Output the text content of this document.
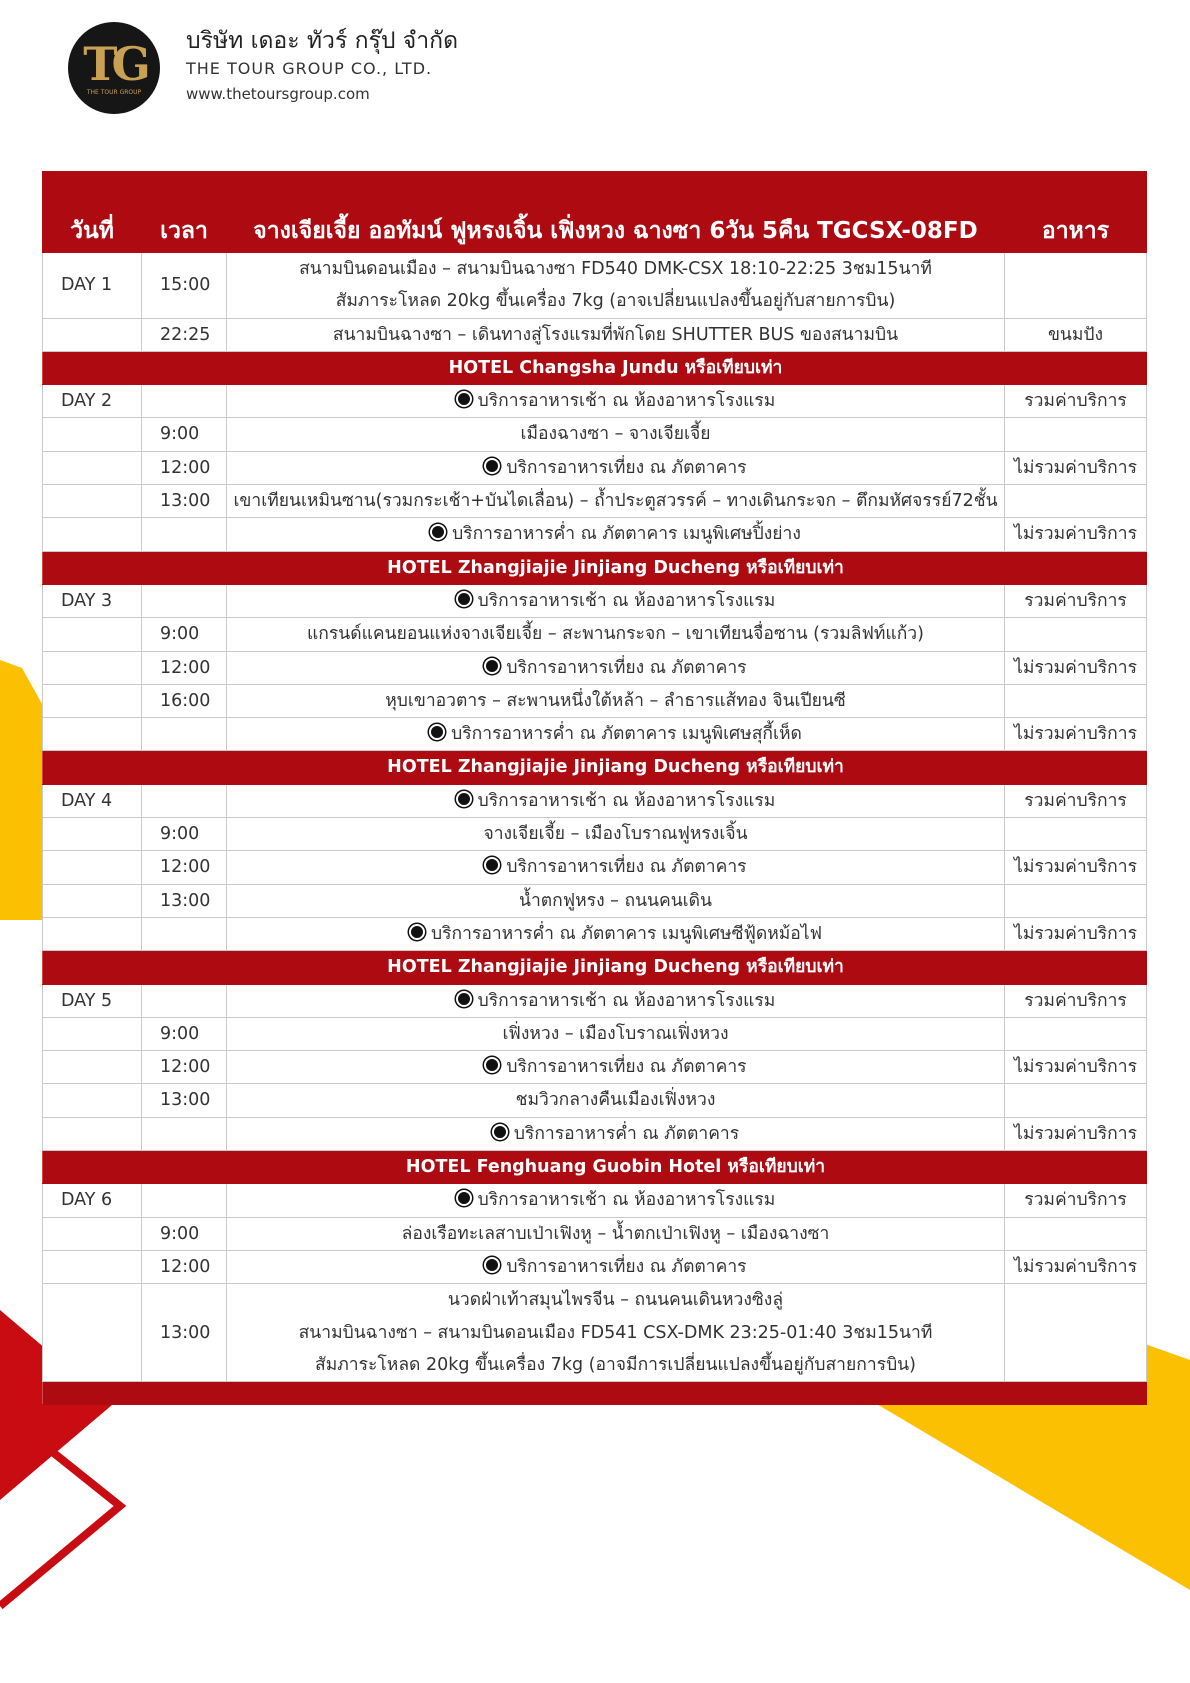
TG
THE TOUR GROUP
บริษัท เดอะ ทัวร์ กรุ๊ป จำกัด
THE TOUR GROUP CO., LTD.
www.thetoursgroup.com
วันที่	เวลา	จางเจียเจี้ย ออทัมน์ ฟูหรงเจิ้น เฟิ่งหวง ฉางซา 6วัน 5คืน TGCSX-08FD	อาหาร
DAY 1	15:00	สนามบินดอนเมือง – สนามบินฉางซา FD540 DMK-CSX 18:10-22:25 3ชม15นาที
สัมภาระโหลด 20kg ขึ้นเครื่อง 7kg (อาจเปลี่ยนแปลงขึ้นอยู่กับสายการบิน)	

	22:25	สนามบินฉางซา – เดินทางสู่โรงแรมที่พักโดย SHUTTER BUS ของสนามบิน	ขนมปัง
		HOTEL Changsha Jundu หรือเทียบเท่า	
DAY 2		บริการอาหารเช้า ณ ห้องอาหารโรงแรม	รวมค่าบริการ
	9:00	เมืองฉางซา – จางเจียเจี้ย	

	12:00	บริการอาหารเที่ยง ณ ภัตตาคาร	ไม่รวมค่าบริการ
	13:00	เขาเทียนเหมินซาน(รวมกระเช้า+บันไดเลื่อน) – ถ้ำประตูสวรรค์ – ทางเดินกระจก – ตึกมหัศจรรย์72ชั้น	

		บริการอาหารค่ำ ณ ภัตตาคาร เมนูพิเศษปิ้งย่าง	ไม่รวมค่าบริการ
		HOTEL Zhangjiajie Jinjiang Ducheng หรือเทียบเท่า	
DAY 3		บริการอาหารเช้า ณ ห้องอาหารโรงแรม	รวมค่าบริการ
	9:00	แกรนด์แคนยอนแห่งจางเจียเจี้ย – สะพานกระจก – เขาเทียนจื่อซาน (รวมลิฟท์แก้ว)	

	12:00	บริการอาหารเที่ยง ณ ภัตตาคาร	ไม่รวมค่าบริการ
	16:00	หุบเขาอวตาร – สะพานหนึ่งใต้หล้า – ลำธารแส้ทอง จินเปียนซี	

		บริการอาหารค่ำ ณ ภัตตาคาร เมนูพิเศษสุกี้เห็ด	ไม่รวมค่าบริการ
		HOTEL Zhangjiajie Jinjiang Ducheng หรือเทียบเท่า	
DAY 4		บริการอาหารเช้า ณ ห้องอาหารโรงแรม	รวมค่าบริการ
	9:00	จางเจียเจี้ย – เมืองโบราณฟูหรงเจิ้น	

	12:00	บริการอาหารเที่ยง ณ ภัตตาคาร	ไม่รวมค่าบริการ
	13:00	น้ำตกฟูหรง – ถนนคนเดิน	

		บริการอาหารค่ำ ณ ภัตตาคาร เมนูพิเศษซีฟู้ดหม้อไฟ	ไม่รวมค่าบริการ
		HOTEL Zhangjiajie Jinjiang Ducheng หรือเทียบเท่า	
DAY 5		บริการอาหารเช้า ณ ห้องอาหารโรงแรม	รวมค่าบริการ
	9:00	เฟิ่งหวง – เมืองโบราณเฟิ่งหวง	

	12:00	บริการอาหารเที่ยง ณ ภัตตาคาร	ไม่รวมค่าบริการ
	13:00	ชมวิวกลางคืนเมืองเฟิ่งหวง	

		บริการอาหารค่ำ ณ ภัตตาคาร	ไม่รวมค่าบริการ
		HOTEL Fenghuang Guobin Hotel หรือเทียบเท่า	
DAY 6		บริการอาหารเช้า ณ ห้องอาหารโรงแรม	รวมค่าบริการ
	9:00	ล่องเรือทะเลสาบเป่าเฟิงหู – น้ำตกเป่าเฟิงหู – เมืองฉางซา	

	12:00	บริการอาหารเที่ยง ณ ภัตตาคาร	ไม่รวมค่าบริการ
	13:00	นวดฝ่าเท้าสมุนไพรจีน – ถนนคนเดินหวงซิงลู่
สนามบินฉางซา – สนามบินดอนเมือง FD541 CSX-DMK 23:25-01:40 3ชม15นาที
สัมภาระโหลด 20kg ขึ้นเครื่อง 7kg (อาจมีการเปลี่ยนแปลงขึ้นอยู่กับสายการบิน)	
